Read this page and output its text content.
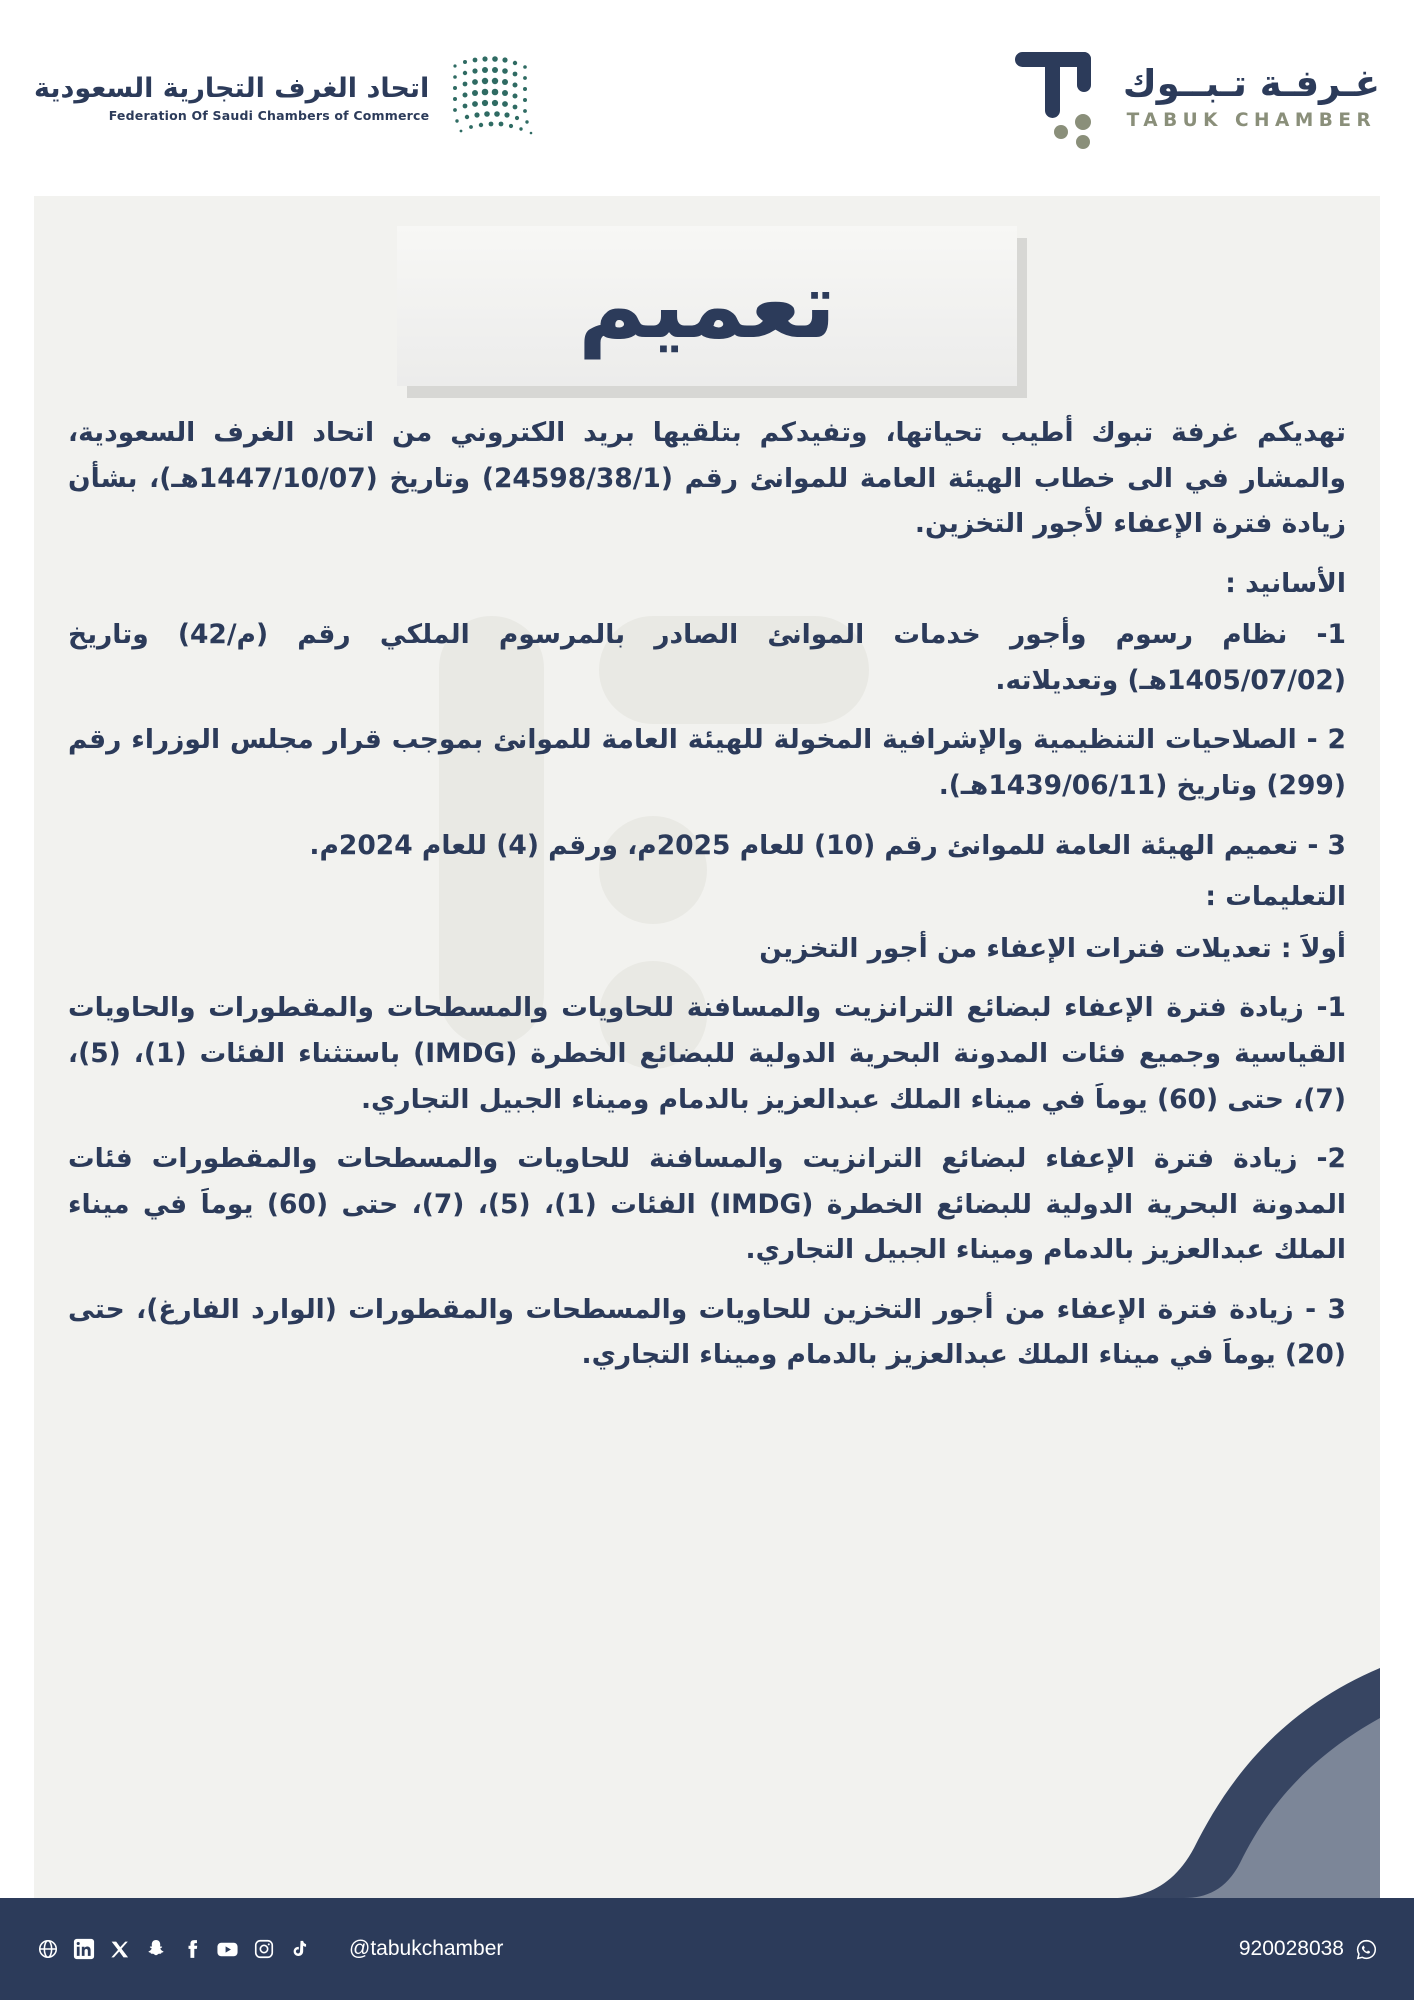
غـرفـة تـبــوك
TABUK CHAMBER
اتحاد الغرف التجارية السعودية
Federation Of Saudi Chambers of Commerce
تعميم

تهديكم غرفة تبوك أطيب تحياتها، وتفيدكم بتلقيها بريد الكتروني من اتحاد الغرف السعودية، والمشار في الى خطاب الهيئة العامة للموانئ رقم (24598/38/1) وتاريخ (1447/10/07هـ)، بشأن زيادة فترة الإعفاء لأجور التخزين.

الأسانيد :

1- نظام رسوم وأجور خدمات الموانئ الصادر بالمرسوم الملكي رقم (م/42) وتاريخ (1405/07/02هـ) وتعديلاته.

2 - الصلاحيات التنظيمية والإشرافية المخولة للهيئة العامة للموانئ بموجب قرار مجلس الوزراء رقم (299) وتاريخ (1439/06/11هـ).

3 - تعميم الهيئة العامة للموانئ رقم (10) للعام 2025م، ورقم (4) للعام 2024م.

التعليمات :

أولاََ : تعديلات فترات الإعفاء من أجور التخزين

1- زيادة فترة الإعفاء لبضائع الترانزيت والمسافنة للحاويات والمسطحات والمقطورات والحاويات القياسية وجميع فئات المدونة البحرية الدولية للبضائع الخطرة (IMDG) باستثناء الفئات (1)، (5)، (7)، حتى (60) يوماََ في ميناء الملك عبدالعزيز بالدمام وميناء الجبيل التجاري.

2- زيادة فترة الإعفاء لبضائع الترانزيت والمسافنة للحاويات والمسطحات والمقطورات فئات المدونة البحرية الدولية للبضائع الخطرة (IMDG) الفئات (1)، (5)، (7)، حتى (60) يوماََ في ميناء الملك عبدالعزيز بالدمام وميناء الجبيل التجاري.

3 - زيادة فترة الإعفاء من أجور التخزين للحاويات والمسطحات والمقطورات (الوارد الفارغ)، حتى (20) يوماََ في ميناء الملك عبدالعزيز بالدمام وميناء التجاري.

@tabukchamber	920028038
